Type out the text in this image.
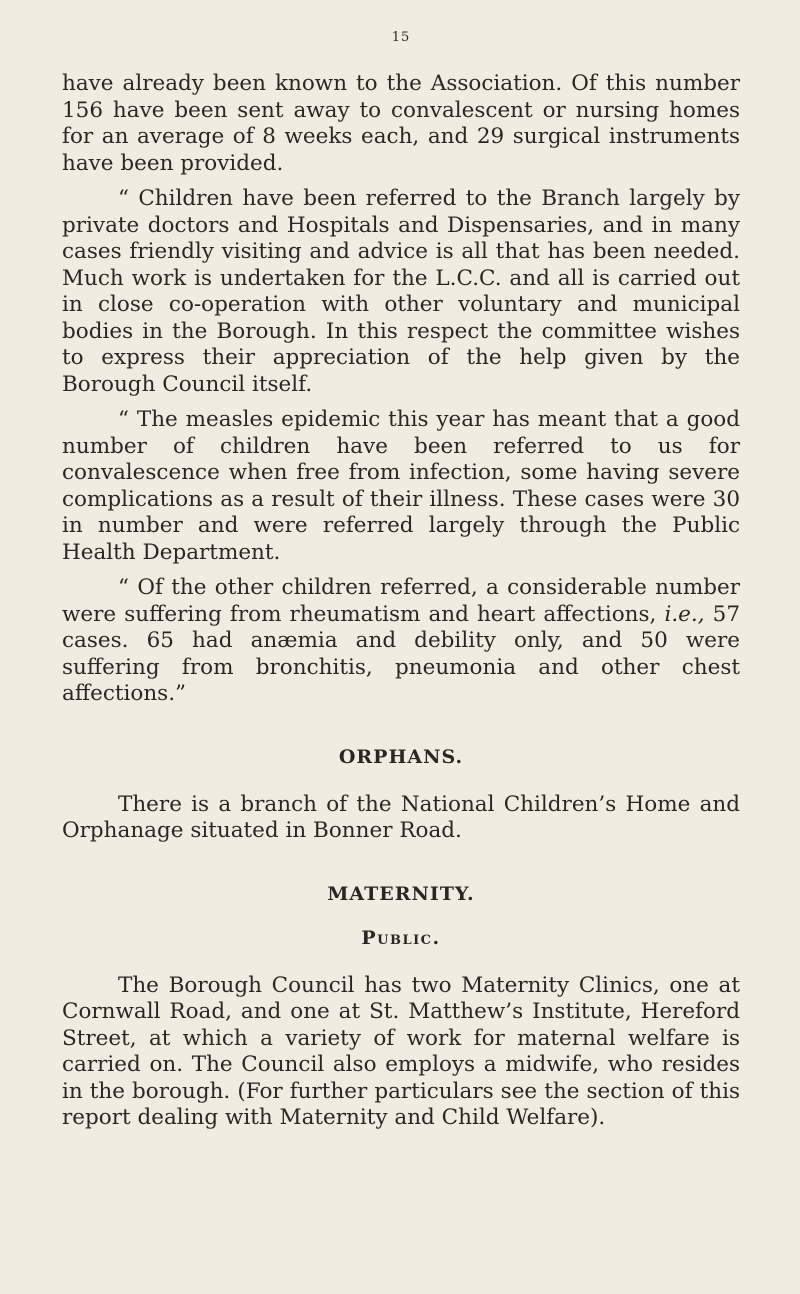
15

have already been known to the Association. Of this number 156 have been sent away to convalescent or nursing homes for an average of 8 weeks each, and 29 surgical instruments have been provided.

“ Children have been referred to the Branch largely by private doctors and Hospitals and Dispensaries, and in many cases friendly visiting and advice is all that has been needed. Much work is undertaken for the L.C.C. and all is carried out in close co-operation with other voluntary and municipal bodies in the Borough. In this respect the committee wishes to express their appreciation of the help given by the Borough Council itself.

“ The measles epidemic this year has meant that a good number of children have been referred to us for convalescence when free from infection, some having severe complications as a result of their illness. These cases were 30 in number and were referred largely through the Public Health Department.

“ Of the other children referred, a considerable number were suffering from rheumatism and heart affections, i.e., 57 cases. 65 had anæmia and debility only, and 50 were suffering from bronchitis, pneumonia and other chest affections.”

ORPHANS.

There is a branch of the National Children’s Home and Orphanage situated in Bonner Road.

MATERNITY.
Public.

The Borough Council has two Maternity Clinics, one at Cornwall Road, and one at St. Matthew’s Institute, Hereford Street, at which a variety of work for maternal welfare is carried on. The Council also employs a midwife, who resides in the borough. (For further particulars see the section of this report dealing with Maternity and Child Welfare).
